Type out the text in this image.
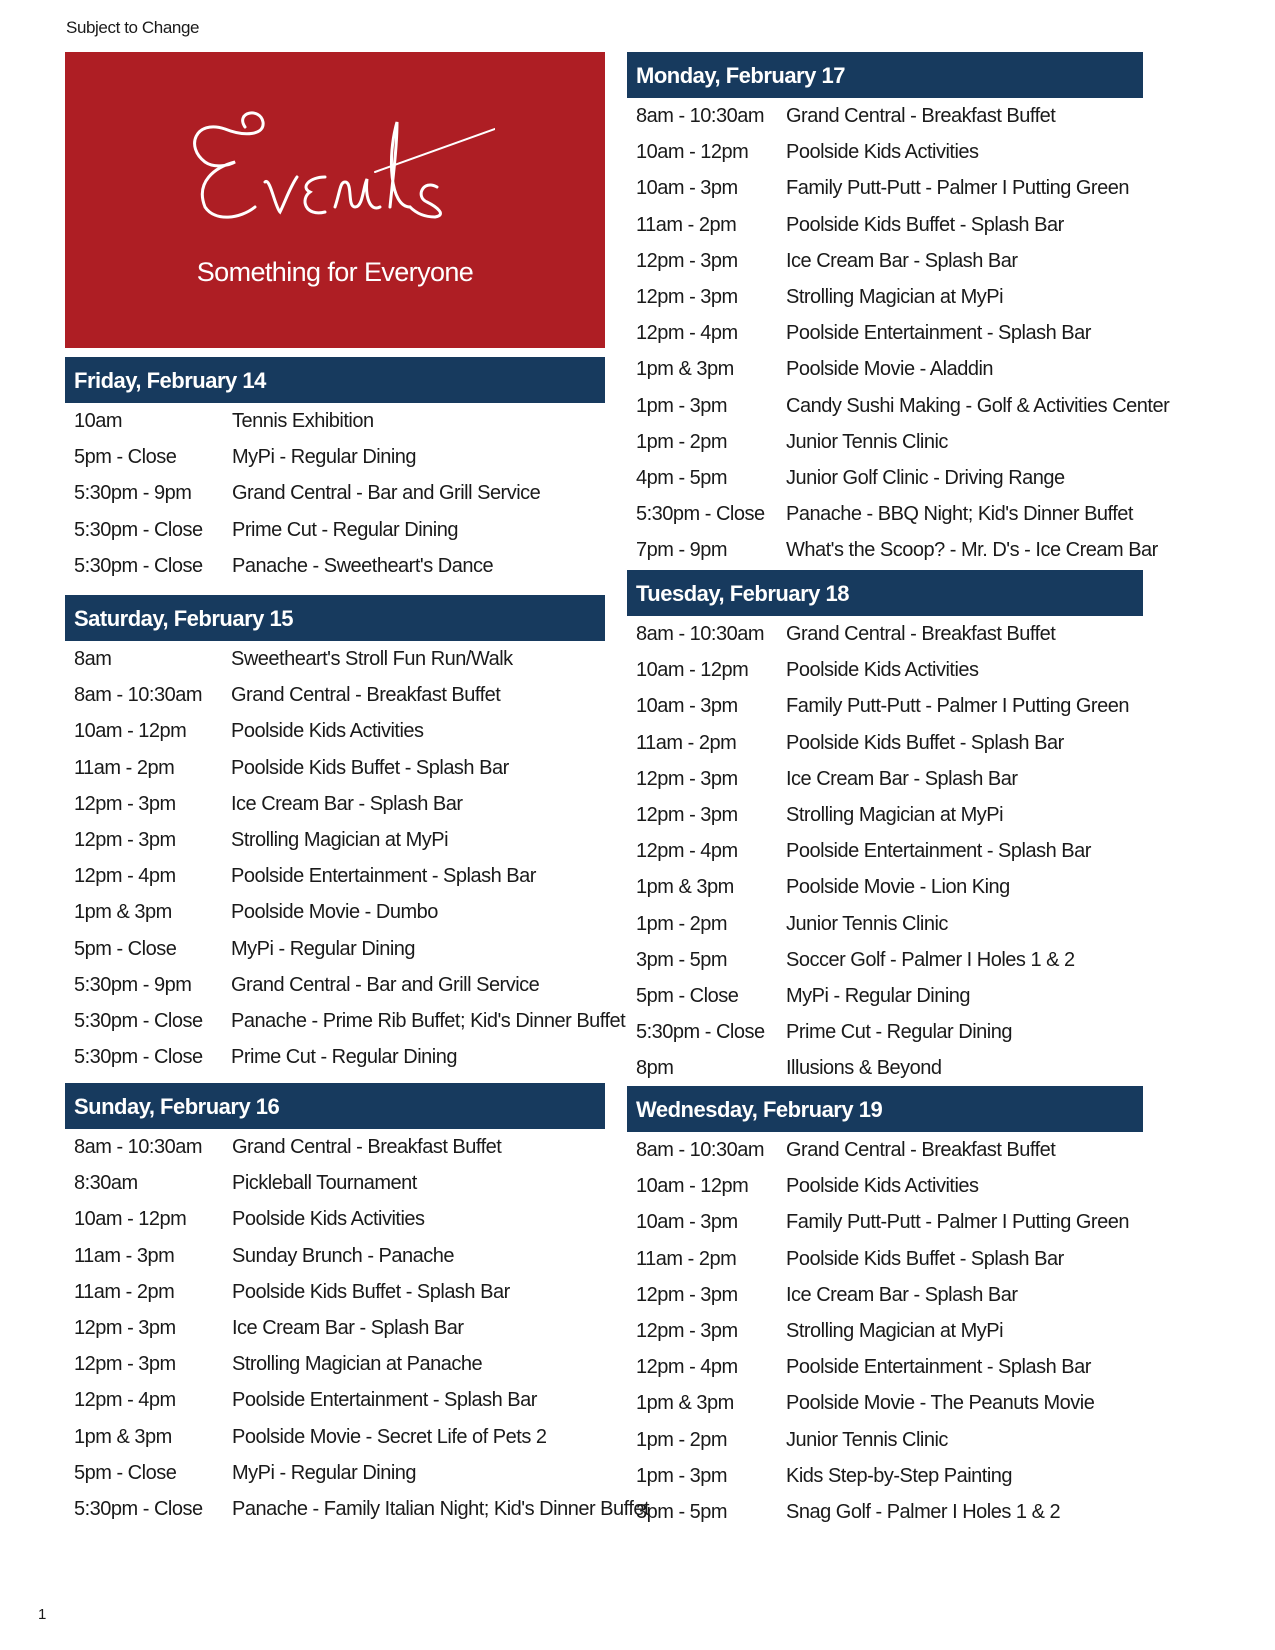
Subject to Change
Something for Everyone
Friday, February 14
10am	Tennis Exhibition
5pm - Close	MyPi - Regular Dining
5:30pm - 9pm Grand Central - Bar and Grill Service
5:30pm - Close Prime Cut - Regular Dining
5:30pm - Close Panache - Sweetheart's Dance
Saturday, February 15
8am	Sweetheart's Stroll Fun Run/Walk
8am - 10:30am Grand Central - Breakfast Buffet
10am - 12pm Poolside Kids Activities
11am - 2pm	Poolside Kids Buffet - Splash Bar
12pm - 3pm	Ice Cream Bar - Splash Bar
12pm - 3pm	Strolling Magician at MyPi
12pm - 4pm	Poolside Entertainment - Splash Bar
1pm & 3pm	Poolside Movie - Dumbo
5pm - Close	MyPi - Regular Dining
5:30pm - 9pm Grand Central - Bar and Grill Service
5:30pm - Close Panache - Prime Rib Buffet; Kid's Dinner Buffet
5:30pm - Close Prime Cut - Regular Dining
Sunday, February 16
8am - 10:30am Grand Central - Breakfast Buffet
8:30am	Pickleball Tournament
10am - 12pm Poolside Kids Activities
11am - 3pm	Sunday Brunch - Panache
11am - 2pm	Poolside Kids Buffet - Splash Bar
12pm - 3pm	Ice Cream Bar - Splash Bar
12pm - 3pm	Strolling Magician at Panache
12pm - 4pm	Poolside Entertainment - Splash Bar
1pm & 3pm	Poolside Movie - Secret Life of Pets 2
5pm - Close	MyPi - Regular Dining
5:30pm - Close Panache - Family Italian Night; Kid's Dinner Buffet
Monday, February 17
8am - 10:30am Grand Central - Breakfast Buffet
10am - 12pm Poolside Kids Activities
10am - 3pm Family Putt-Putt - Palmer I Putting Green
11am - 2pm Poolside Kids Buffet - Splash Bar
12pm - 3pm Ice Cream Bar - Splash Bar
12pm - 3pm Strolling Magician at MyPi
12pm - 4pm Poolside Entertainment - Splash Bar
1pm & 3pm	Poolside Movie - Aladdin
1pm - 3pm	Candy Sushi Making - Golf & Activities Center
1pm - 2pm	Junior Tennis Clinic
4pm - 5pm	Junior Golf Clinic - Driving Range
5:30pm - Close Panache - BBQ Night; Kid's Dinner Buffet
7pm - 9pm	What's the Scoop? - Mr. D's - Ice Cream Bar
Tuesday, February 18
8am - 10:30am Grand Central - Breakfast Buffet
10am - 12pm Poolside Kids Activities
10am - 3pm Family Putt-Putt - Palmer I Putting Green
11am - 2pm Poolside Kids Buffet - Splash Bar
12pm - 3pm Ice Cream Bar - Splash Bar
12pm - 3pm Strolling Magician at MyPi
12pm - 4pm Poolside Entertainment - Splash Bar
1pm & 3pm	Poolside Movie - Lion King
1pm - 2pm	Junior Tennis Clinic
3pm - 5pm	Soccer Golf - Palmer I Holes 1 & 2
5pm - Close MyPi - Regular Dining
5:30pm - Close Prime Cut - Regular Dining
8pm	Illusions & Beyond
Wednesday, February 19
8am - 10:30am Grand Central - Breakfast Buffet
10am - 12pm Poolside Kids Activities
10am - 3pm Family Putt-Putt - Palmer I Putting Green
11am - 2pm Poolside Kids Buffet - Splash Bar
12pm - 3pm Ice Cream Bar - Splash Bar
12pm - 3pm Strolling Magician at MyPi
12pm - 4pm Poolside Entertainment - Splash Bar
1pm & 3pm	Poolside Movie - The Peanuts Movie
1pm - 2pm	Junior Tennis Clinic
1pm - 3pm	Kids Step-by-Step Painting
3pm - 5pm	Snag Golf - Palmer I Holes 1 & 2
1
